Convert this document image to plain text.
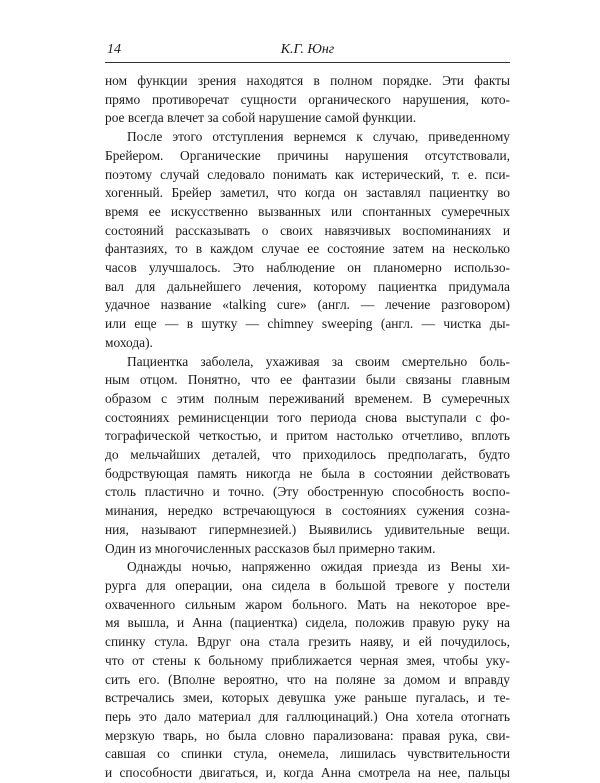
14	К.Г. Юнг
ном функции зрения находятся в полном порядке. Эти факты
прямо противоречат сущности органического нарушения, кото-
рое всегда влечет за собой нарушение самой функции.
После этого отступления вернемся к случаю, приведенному
Брейером. Органические причины нарушения отсутствовали,
поэтому случай следовало понимать как истерический, т. е. пси-
хогенный. Брейер заметил, что когда он заставлял пациентку во
время ее искусственно вызванных или спонтанных сумеречных
состояний рассказывать о своих навязчивых воспоминаниях и
фантазиях, то в каждом случае ее состояние затем на несколько
часов улучшалось. Это наблюдение он планомерно использо-
вал для дальнейшего лечения, которому пациентка придумала
удачное название «talking cure» (англ. — лечение разговором)
или еще — в шутку — chimney sweeping (англ. — чистка ды-
мохода).
Пациентка заболела, ухаживая за своим смертельно боль-
ным отцом. Понятно, что ее фантазии были связаны главным
образом с этим полным переживаний временем. В сумеречных
состояниях реминисценции того периода снова выступали с фо-
тографической четкостью, и притом настолько отчетливо, вплоть
до мельчайших деталей, что приходилось предполагать, будто
бодрствующая память никогда не была в состоянии действовать
столь пластично и точно. (Эту обостренную способность воспо-
минания, нередко встречающуюся в состояниях сужения созна-
ния, называют гипермнезией.) Выявились удивительные вещи.
Один из многочисленных рассказов был примерно таким.
Однажды ночью, напряженно ожидая приезда из Вены хи-
рурга для операции, она сидела в большой тревоге у постели
охваченного сильным жаром больного. Мать на некоторое вре-
мя вышла, и Анна (пациентка) сидела, положив правую руку на
спинку стула. Вдруг она стала грезить наяву, и ей почудилось,
что от стены к больному приближается черная змея, чтобы уку-
сить его. (Вполне вероятно, что на поляне за домом и вправду
встречались змеи, которых девушка уже раньше пугалась, и те-
перь это дало материал для галлюцинаций.) Она хотела отогнать
мерзкую тварь, но была словно парализована: правая рука, сви-
савшая со спинки стула, онемела, лишилась чувствительности
и способности двигаться, и, когда Анна смотрела на нее, пальцы
